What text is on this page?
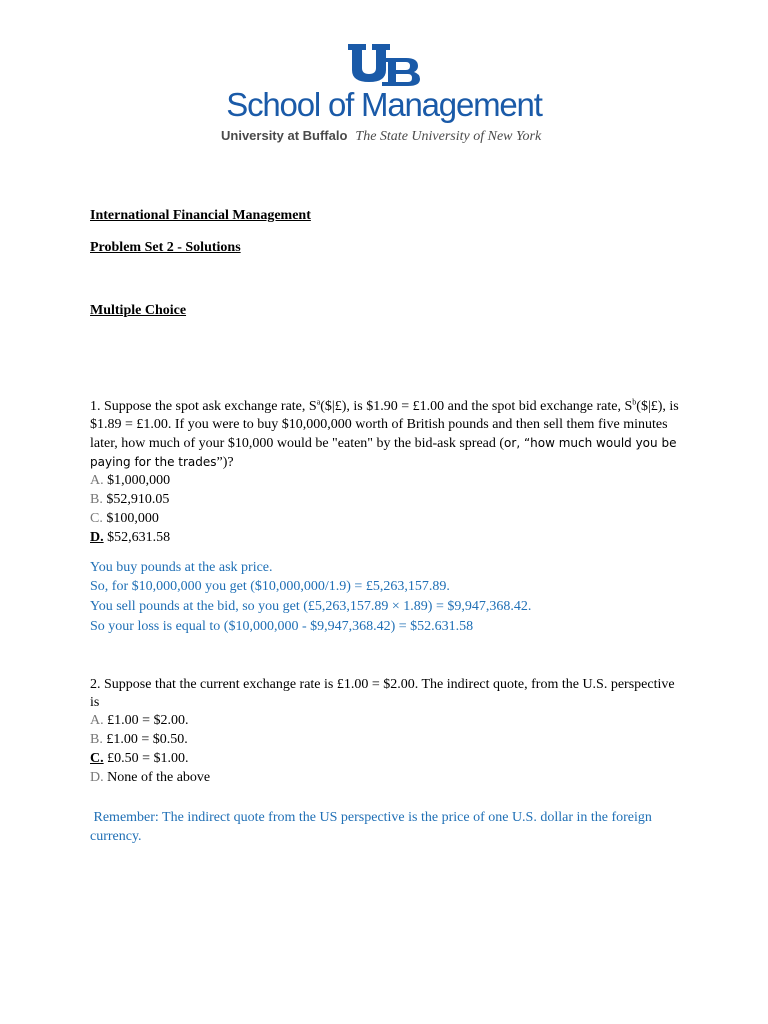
School of Management
University at Buffalo The State University of New York
International Financial Management
Problem Set 2 - Solutions
Multiple Choice
1. Suppose the spot ask exchange rate, $S^a(\$|£)$, is $1.90 = £1.00 and the spot bid exchange rate, $S^b(\$|£)$, is
$1.89 = £1.00. If you were to buy $10,000,000 worth of British pounds and then sell them five minutes
later, how much of your $10,000 would be "eaten" by the bid-ask spread (or, “how much would you be
paying for the trades”)?
A. $1,000,000
B. $52,910.05
C. $100,000
D. $52,631.58
You buy pounds at the ask price.
So, for $10,000,000 you get ($10,000,000/1.9) = £5,263,157.89.
You sell pounds at the bid, so you get (£5,263,157.89 × 1.89) = $9,947,368.42.
So your loss is equal to ($10,000,000 - $9,947,368.42) = $52.631.58
2. Suppose that the current exchange rate is £1.00 = $2.00. The indirect quote, from the U.S. perspective
is
A. £1.00 = $2.00.
B. £1.00 = $0.50.
C. £0.50 = $1.00.
D. None of the above
Remember: The indirect quote from the US perspective is the price of one U.S. dollar in the foreign
currency.
